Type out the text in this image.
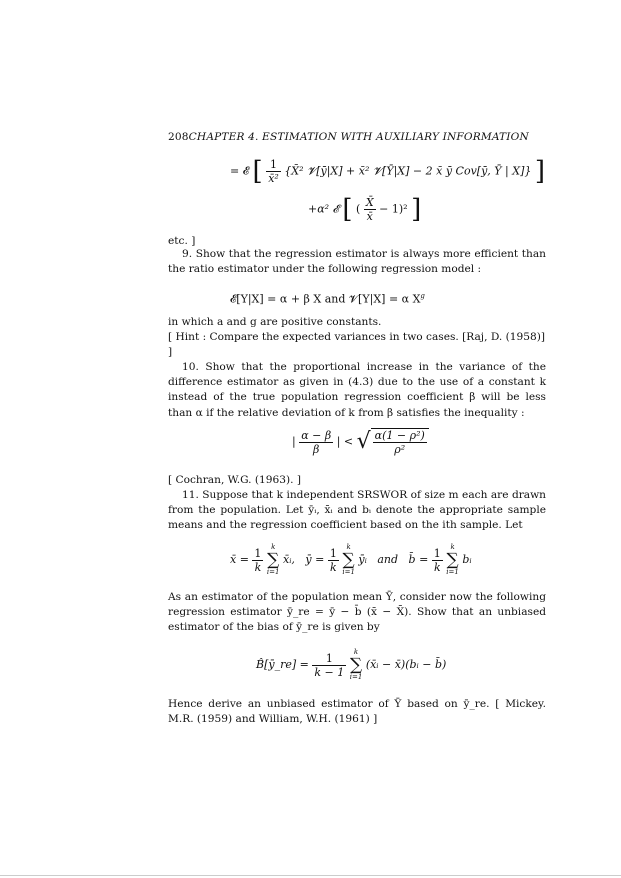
208CHAPTER 4. ESTIMATION WITH AUXILIARY INFORMATION
= 𝓔 [ $\frac{1}{\text{x̄²}}$ {X̄² 𝓥[ȳ|X] + x̄² 𝓥[Ȳ|X] − 2 x̄ ȳ Cov[ȳ, Ȳ | X]} ]
+α² 𝓔 [ ( $\frac{X̄}{x̄} - 1)^2$ ]
etc. ]
9. Show that the regression estimator is always more efficient than the ratio estimator under the following regression model :
𝓔[Y|X] = α + β X and 𝓥[Y|X] = α $X^g$
in which a and g are positive constants.
[ Hint : Compare the expected variances in two cases. [Raj, D. (1958)]
]
10. Show that the proportional increase in the variance of the difference estimator as given in (4.3) due to the use of a constant k instead of the true population regression coefficient β will be less than α if the relative deviation of k from β satisfies the inequality :
| $\frac{\alpha - \beta}{\beta}$ | < √ $\frac{\text{α(1 − ρ²)}}{\text{ρ²}}$
[ Cochran, W.G. (1963). ]
11. Suppose that k independent SRSWOR of size m each are drawn from the population. Let ȳᵢ, x̄ᵢ and bᵢ denote the appropriate sample means and the regression coefficient based on the ith sample. Let
x̄ = $\frac{1}{k}$
	k
∑
i=1
x̄ᵢ, ȳ = $\frac{1}{k}$
	k
∑
i=1
ȳᵢ and b̄ = $\frac{1}{k}$
	k
∑
i=1
bᵢ
As an estimator of the population mean Ȳ, consider now the following regression estimator ȳ_re = ȳ − b̄ (x̄ − X̄). Show that an unbiased estimator of the bias of ȳ_re is given by
B̂[ȳ_re] = $\frac{1}{k - 1}$
	k
∑
i=1
(x̄ᵢ − x̄)(bᵢ − b̄)
Hence derive an unbiased estimator of Ȳ based on ȳ_re. [ Mickey. M.R. (1959) and William, W.H. (1961) ]
